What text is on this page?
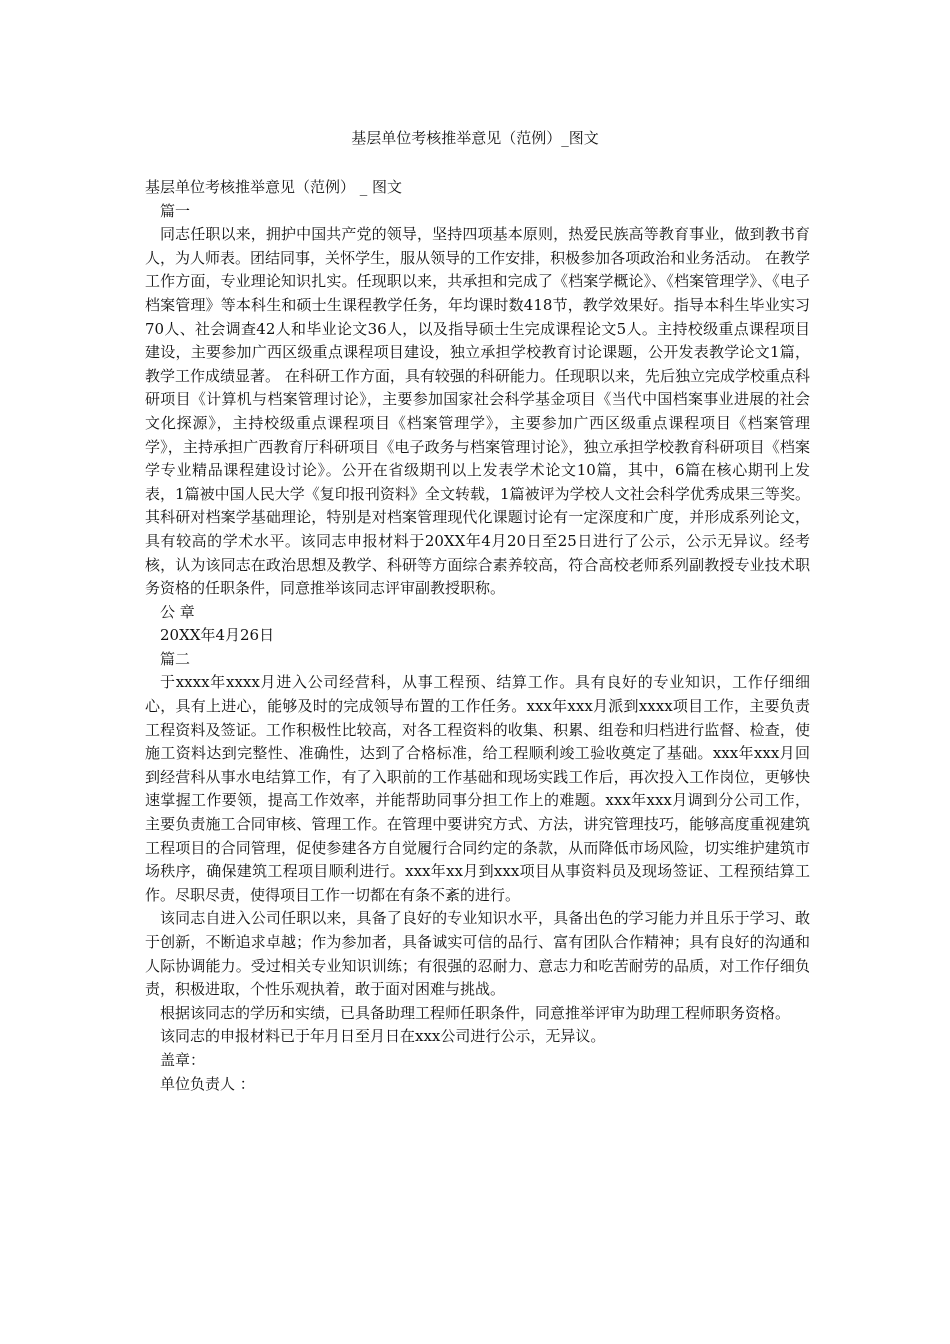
基层单位考核推举意见（范例）_图文

基层单位考核推举意见（范例） _ 图文

篇一

同志任职以来，拥护中国共产党的领导，坚持四项基本原则，热爱民族高等教育事业，做到教书育人，为人师表。团结同事，关怀学生，服从领导的工作安排，积极参加各项政治和业务活动。 在教学工作方面，专业理论知识扎实。任现职以来，共承担和完成了《档案学概论》、《档案管理学》、《电子档案管理》等本科生和硕士生课程教学任务，年均课时数418节，教学效果好。指导本科生毕业实习70人、社会调查42人和毕业论文36人，以及指导硕士生完成课程论文5人。主持校级重点课程项目建设，主要参加广西区级重点课程项目建设，独立承担学校教育讨论课题，公开发表教学论文1篇，教学工作成绩显著。 在科研工作方面，具有较强的科研能力。任现职以来，先后独立完成学校重点科研项目《计算机与档案管理讨论》，主要参加国家社会科学基金项目《当代中国档案事业进展的社会文化探源》，主持校级重点课程项目《档案管理学》，主要参加广西区级重点课程项目《档案管理学》，主持承担广西教育厅科研项目《电子政务与档案管理讨论》，独立承担学校教育科研项目《档案学专业精品课程建设讨论》。公开在省级期刊以上发表学术论文10篇，其中，6篇在核心期刊上发表，1篇被中国人民大学《复印报刊资料》全文转载，1篇被评为学校人文社会科学优秀成果三等奖。其科研对档案学基础理论，特别是对档案管理现代化课题讨论有一定深度和广度，并形成系列论文，具有较高的学术水平。该同志申报材料于20XX年4月20日至25日进行了公示，公示无异议。经考核，认为该同志在政治思想及教学、科研等方面综合素养较高，符合高校老师系列副教授专业技术职务资格的任职条件，同意推举该同志评审副教授职称。

公 章

20XX年4月26日

篇二

于xxxx年xxxx月进入公司经营科，从事工程预、结算工作。具有良好的专业知识，工作仔细细心，具有上进心，能够及时的完成领导布置的工作任务。xxx年xxx月派到xxxx项目工作，主要负责工程资料及签证。工作积极性比较高，对各工程资料的收集、积累、组卷和归档进行监督、检查，使施工资料达到完整性、准确性，达到了合格标准，给工程顺利竣工验收奠定了基础。xxx年xxx月回到经营科从事水电结算工作，有了入职前的工作基础和现场实践工作后，再次投入工作岗位，更够快速掌握工作要领，提高工作效率，并能帮助同事分担工作上的难题。xxx年xxx月调到分公司工作，主要负责施工合同审核、管理工作。在管理中要讲究方式、方法，讲究管理技巧，能够高度重视建筑工程项目的合同管理，促使参建各方自觉履行合同约定的条款，从而降低市场风险，切实维护建筑市场秩序，确保建筑工程项目顺利进行。xxx年xx月到xxx项目从事资料员及现场签证、工程预结算工作。尽职尽责，使得项目工作一切都在有条不紊的进行。

该同志自进入公司任职以来，具备了良好的专业知识水平，具备出色的学习能力并且乐于学习、敢于创新，不断追求卓越；作为参加者，具备诚实可信的品行、富有团队合作精神；具有良好的沟通和人际协调能力。受过相关专业知识训练；有很强的忍耐力、意志力和吃苦耐劳的品质，对工作仔细负责，积极进取，个性乐观执着，敢于面对困难与挑战。

根据该同志的学历和实绩，已具备助理工程师任职条件，同意推举评审为助理工程师职务资格。

该同志的申报材料已于年月日至月日在xxx公司进行公示，无异议。

盖章：

单位负责人 ：
